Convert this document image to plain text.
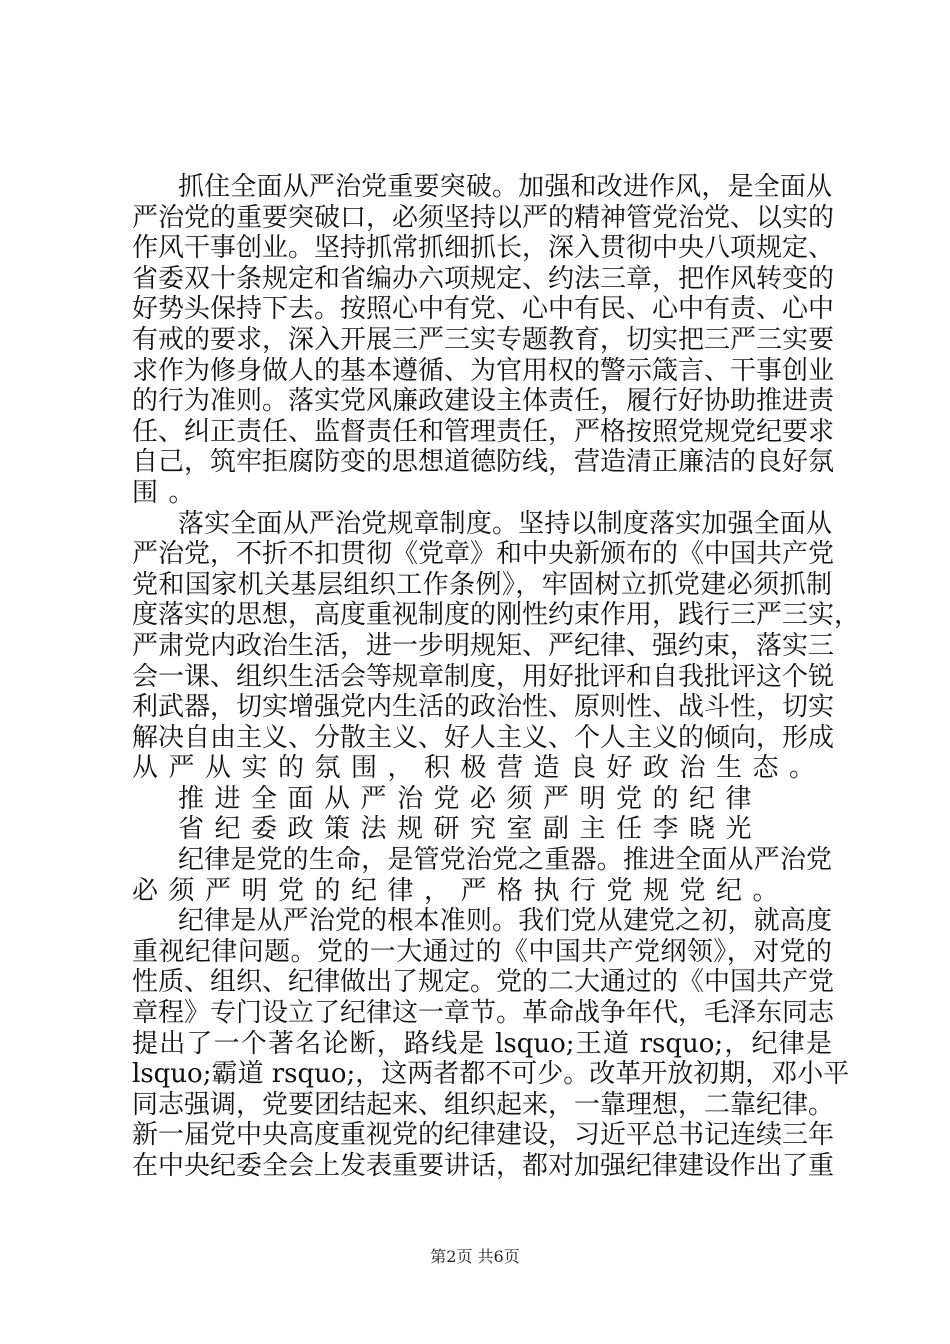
抓住全面从严治党重要突破。加强和改进作风，是全面从
严治党的重要突破口，必须坚持以严的精神管党治党、以实的
作风干事创业。坚持抓常抓细抓长，深入贯彻中央八项规定、
省委双十条规定和省编办六项规定、约法三章，把作风转变的
好势头保持下去。按照心中有党、心中有民、心中有责、心中
有戒的要求，深入开展三严三实专题教育，切实把三严三实要
求作为修身做人的基本遵循、为官用权的警示箴言、干事创业
的行为准则。落实党风廉政建设主体责任，履行好协助推进责
任、纠正责任、监督责任和管理责任，严格按照党规党纪要求
自己，筑牢拒腐防变的思想道德防线，营造清正廉洁的良好氛
围。
落实全面从严治党规章制度。坚持以制度落实加强全面从
严治党，不折不扣贯彻《党章》和中央新颁布的《中国共产党
党和国家机关基层组织工作条例》，牢固树立抓党建必须抓制
度落实的思想，高度重视制度的刚性约束作用，践行三严三实，
严肃党内政治生活，进一步明规矩、严纪律、强约束，落实三
会一课、组织生活会等规章制度，用好批评和自我批评这个锐
利武器，切实增强党内生活的政治性、原则性、战斗性，切实
解决自由主义、分散主义、好人主义、个人主义的倾向，形成
从严从实的氛围，积极营造良好政治生态。
推进全面从严治党必须严明党的纪律
省纪委政策法规研究室副主任李晓光
纪律是党的生命，是管党治党之重器。推进全面从严治党
必须严明党的纪律，严格执行党规党纪。
纪律是从严治党的根本准则。我们党从建党之初，就高度
重视纪律问题。党的一大通过的《中国共产党纲领》，对党的
性质、组织、纪律做出了规定。党的二大通过的《中国共产党
章程》专门设立了纪律这一章节。革命战争年代，毛泽东同志
提出了一个著名论断，路线是 lsquo;王道 rsquo;，纪律是
lsquo;霸道 rsquo;，这两者都不可少。改革开放初期，邓小平
同志强调，党要团结起来、组织起来，一靠理想，二靠纪律。
新一届党中央高度重视党的纪律建设，习近平总书记连续三年
在中央纪委全会上发表重要讲话，都对加强纪律建设作出了重
第2页 共6页
